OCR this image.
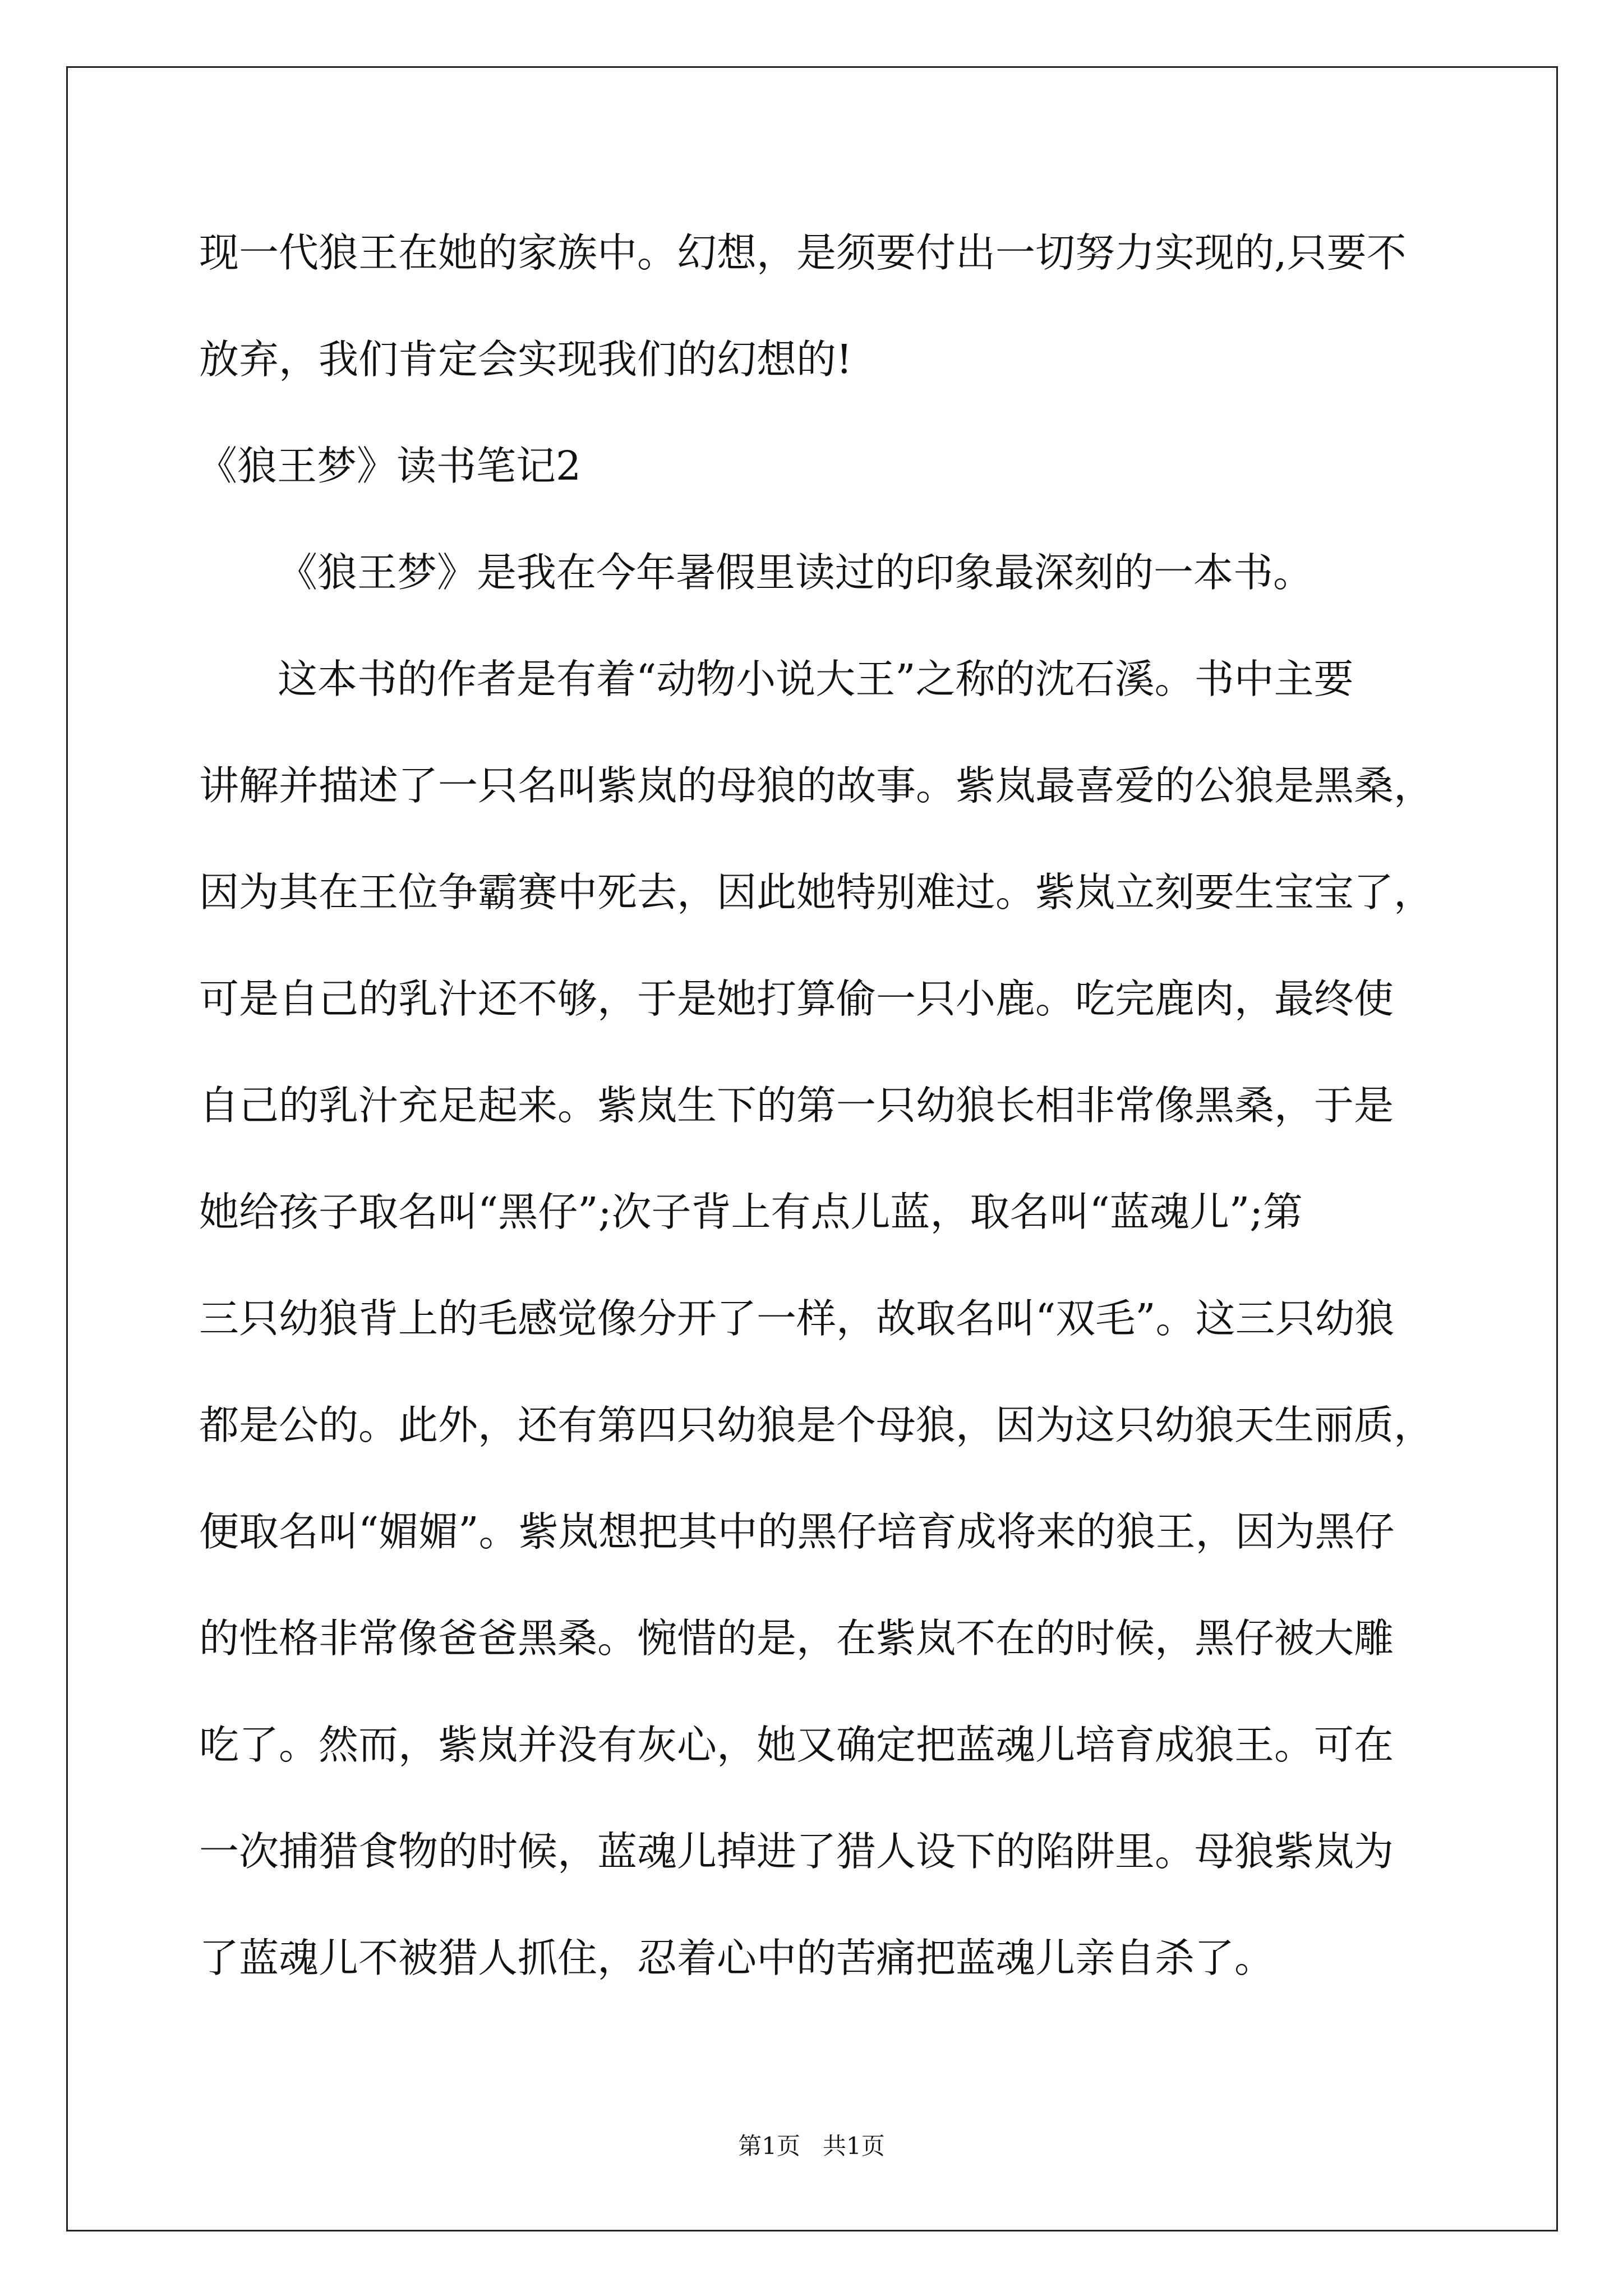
现一代狼王在她的家族中。幻想，是须要付出一切努力实现的,只要不
放弃，我们肯定会实现我们的幻想的!
《狼王梦》读书笔记2
《狼王梦》是我在今年暑假里读过的印象最深刻的一本书。
这本书的作者是有着“动物小说大王”之称的沈石溪。书中主要
讲解并描述了一只名叫紫岚的母狼的故事。紫岚最喜爱的公狼是黑桑，
因为其在王位争霸赛中死去，因此她特别难过。紫岚立刻要生宝宝了，
可是自己的乳汁还不够，于是她打算偷一只小鹿。吃完鹿肉，最终使
自己的乳汁充足起来。紫岚生下的第一只幼狼长相非常像黑桑，于是
她给孩子取名叫“黑仔”;次子背上有点儿蓝，取名叫“蓝魂儿”;第
三只幼狼背上的毛感觉像分开了一样，故取名叫“双毛”。这三只幼狼
都是公的。此外，还有第四只幼狼是个母狼，因为这只幼狼天生丽质，
便取名叫“媚媚”。紫岚想把其中的黑仔培育成将来的狼王，因为黑仔
的性格非常像爸爸黑桑。惋惜的是，在紫岚不在的时候，黑仔被大雕
吃了。然而，紫岚并没有灰心，她又确定把蓝魂儿培育成狼王。可在
一次捕猎食物的时候，蓝魂儿掉进了猎人设下的陷阱里。母狼紫岚为
了蓝魂儿不被猎人抓住，忍着心中的苦痛把蓝魂儿亲自杀了。
第1页   共1页
